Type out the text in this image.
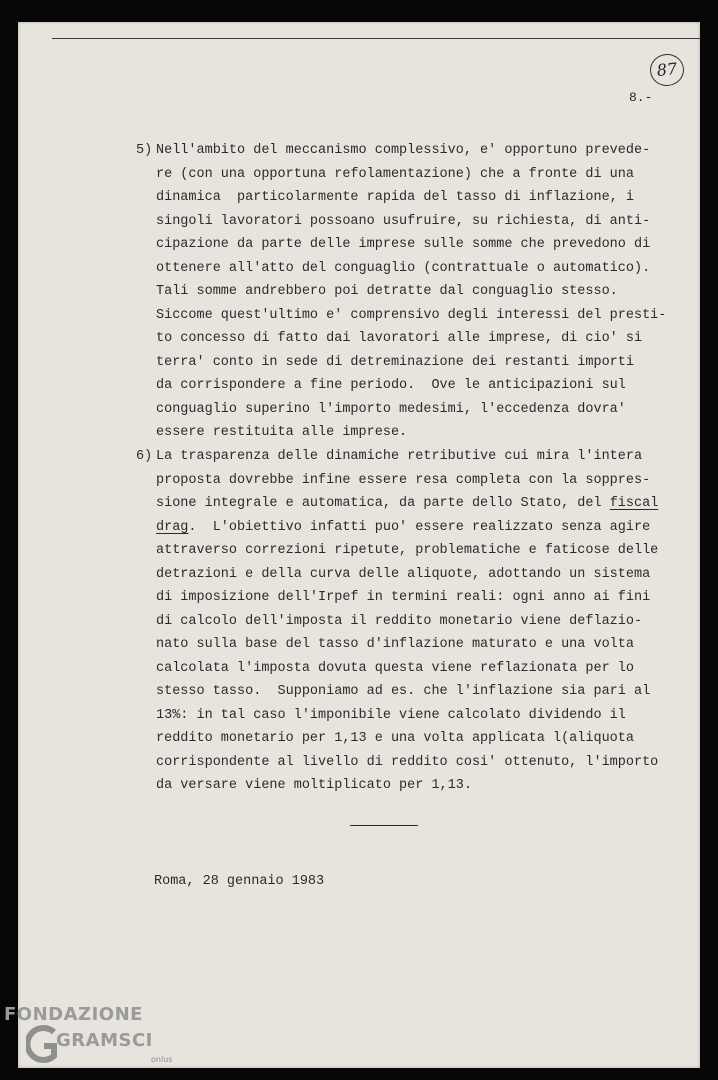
87
8.-
5) Nell'ambito del meccanismo complessivo, e' opportuno prevede-
re (con una opportuna refolamentazione) che a fronte di una
dinamica  particolarmente rapida del tasso di inflazione, i
singoli lavoratori possoano usufruire, su richiesta, di anti-
cipazione da parte delle imprese sulle somme che prevedono di
ottenere all'atto del conguaglio (contrattuale o automatico).
Tali somme andrebbero poi detratte dal conguaglio stesso.
Siccome quest'ultimo e' comprensivo degli interessi del presti-
to concesso di fatto dai lavoratori alle imprese, di cio' si
terra' conto in sede di detreminazione dei restanti importi
da corrispondere a fine periodo.  Ove le anticipazioni sul
conguaglio superino l'importo medesimi, l'eccedenza dovra'
essere restituita alle imprese.
6) La trasparenza delle dinamiche retributive cui mira l'intera
proposta dovrebbe infine essere resa completa con la soppres-
sione integrale e automatica, da parte dello Stato, del fiscal
drag.  L'obiettivo infatti puo' essere realizzato senza agire
attraverso correzioni ripetute, problematiche e faticose delle
detrazioni e della curva delle aliquote, adottando un sistema
di imposizione dell'Irpef in termini reali: ogni anno ai fini
di calcolo dell'imposta il reddito monetario viene deflazio-
nato sulla base del tasso d'inflazione maturato e una volta
calcolata l'imposta dovuta questa viene reflazionata per lo
stesso tasso.  Supponiamo ad es. che l'inflazione sia pari al
13%: in tal caso l'imponibile viene calcolato dividendo il
reddito monetario per 1,13 e una volta applicata l(aliquota
corrispondente al livello di reddito cosi' ottenuto, l'importo
da versare viene moltiplicato per 1,13.
Roma, 28 gennaio 1983
FONDAZIONE
GRAMSCI
onlus
